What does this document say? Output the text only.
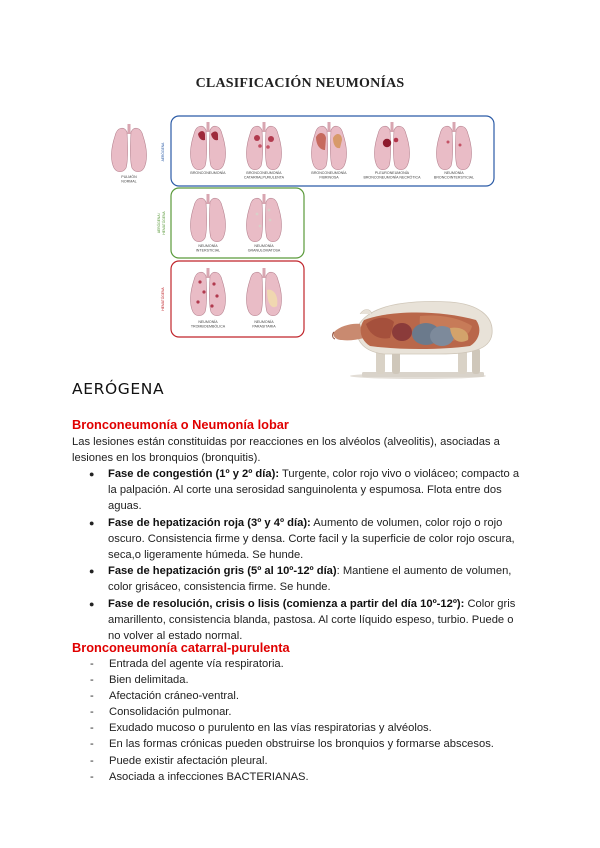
CLASIFICACIÓN NEUMONÍAS
AERÓGENA
AERÓGENA / HEMATÓGENA
HEMATÓGENA
PULMÓN
NORMAL
BRONCONEUMONÍA	BRONCONEUMONÍA
CATARRALPURULENTA
BRONCONEUMONÍA
FIBRINOSA
PLEURONEUMONÍA
BRONCONEUMONÍA NECRÓTICA
NEUMONÍA
BRONCOINTERSTICIAL
NEUMONÍA
INTERSTICIAL
NEUMONÍA
GRANULOMATOSA
NEUMONÍA
TROMBOEMBÓLICA
NEUMONÍA
PARASITARIA
AERÓGENA
Bronconeumonía o Neumonía lobar
Las lesiones están constituidas por reacciones en los alvéolos (alveolitis), asociadas a lesiones en los bronquios (bronquitis).
● Fase de congestión (1º y 2º día): Turgente, color rojo vivo o violáceo; compacto a la palpación. Al corte una serosidad sanguinolenta y espumosa. Flota entre dos aguas.
● Fase de hepatización roja (3º y 4º día): Aumento de volumen, color rojo o rojo oscuro. Consistencia firme y densa. Corte facil y la superficie de color rojo oscura, seca,o ligeramente húmeda. Se hunde.
● Fase de hepatización gris (5º al 10º-12º día): Mantiene el aumento de volumen, color grisáceo, consistencia firme. Se hunde.
● Fase de resolución, crisis o lisis (comienza a partir del día 10º-12º): Color gris amarillento, consistencia blanda, pastosa. Al corte líquido espeso, turbio. Puede o no volver al estado normal.
Bronconeumonía catarral-purulenta
- Entrada del agente vía respiratoria.
- Bien delimitada.
- Afectación cráneo-ventral.
- Consolidación pulmonar.
- Exudado mucoso o purulento en las vías respiratorias y alvéolos.
- En las formas crónicas pueden obstruirse los bronquios y formarse abscesos.
- Puede existir afectación pleural.
- Asociada a infecciones BACTERIANAS.
